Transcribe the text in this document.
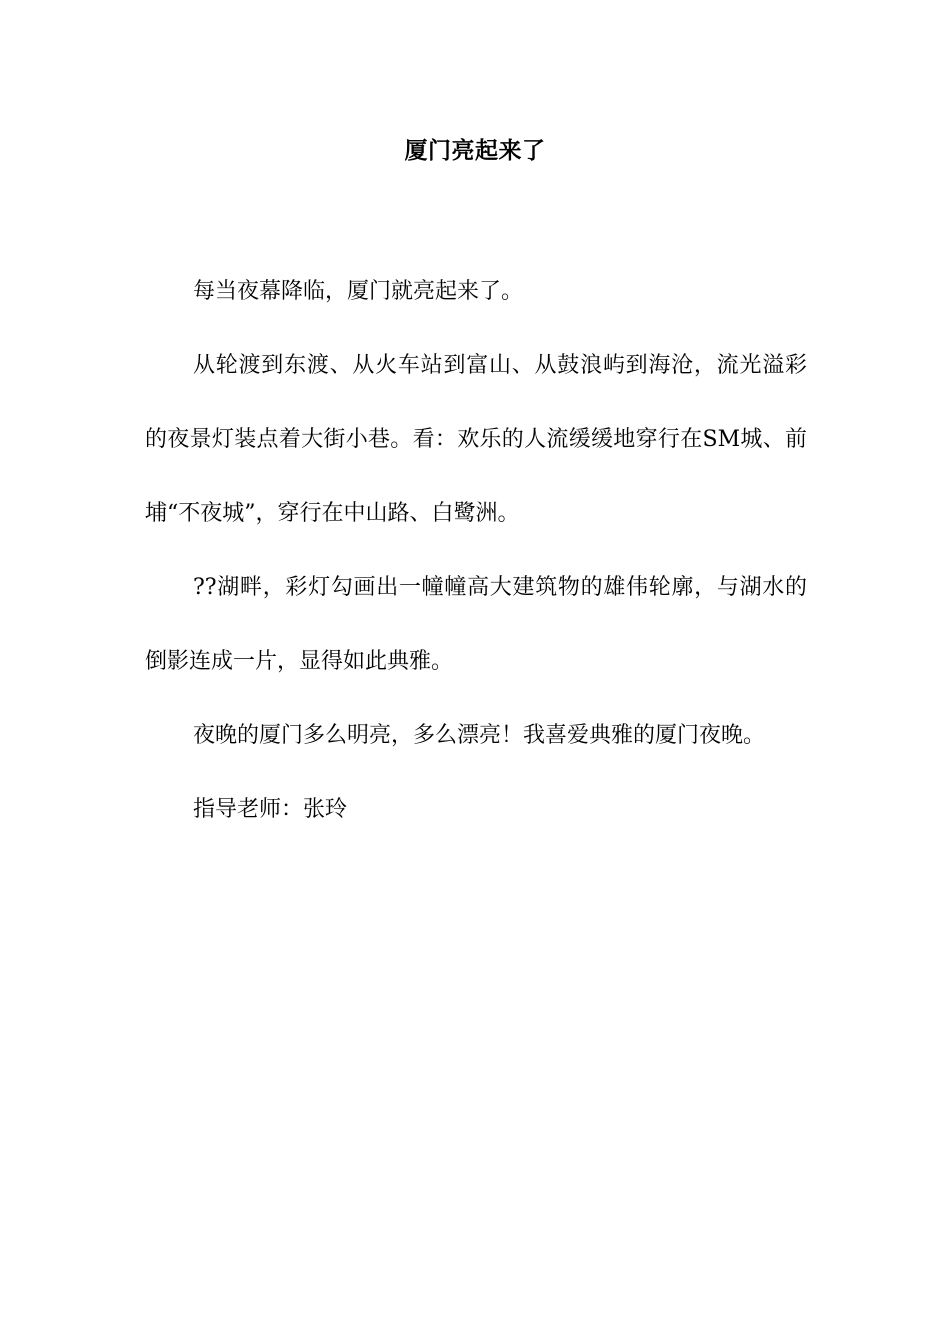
厦门亮起来了

每当夜幕降临，厦门就亮起来了。

从轮渡到东渡、从火车站到富山、从鼓浪屿到海沧，流光溢彩的夜景灯装点着大街小巷。看：欢乐的人流缓缓地穿行在SM城、前埔“不夜城”，穿行在中山路、白鹭洲。

??湖畔，彩灯勾画出一幢幢高大建筑物的雄伟轮廓，与湖水的倒影连成一片，显得如此典雅。

夜晚的厦门多么明亮，多么漂亮！我喜爱典雅的厦门夜晚。

指导老师：张玲
